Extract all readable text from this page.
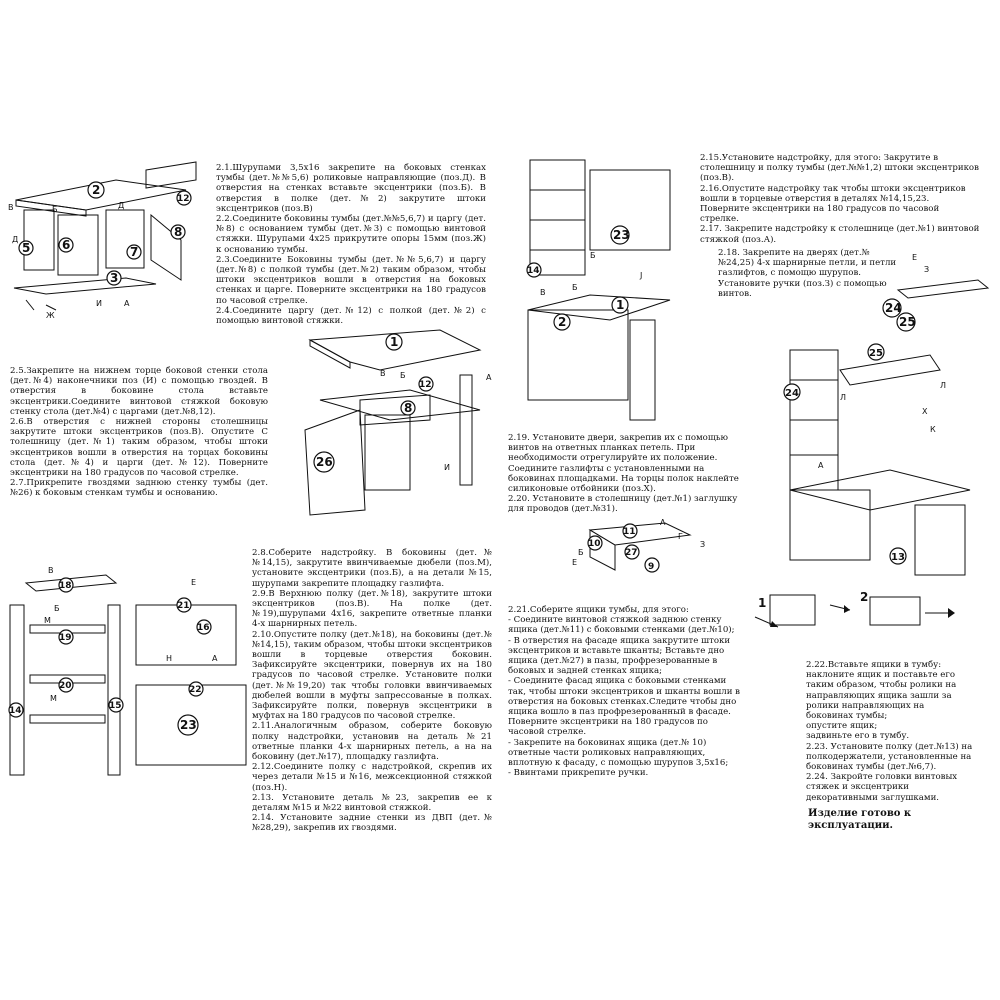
2.1.Шурупами 3,5х16 закрепите на боковых стенках тумбы (дет.№№5,6) роликовые направляющие (поз.Д). В отверстия на стенках вставьте эксцентрики (поз.Б). В отверстия в полке (дет.№2) закрутите штоки эксцентриков (поз.В)
2.2.Соедините боковины тумбы (дет.№№5,6,7) и царгу (дет.№8) с основанием тумбы (дет.№3) с помощью винтовой стяжки. Шурупами 4х25 прикрутите опоры 15мм (поз.Ж) к основанию тумбы.
2.3.Соедините Боковины тумбы (дет.№№5,6,7) и царгу (дет.№8) с полкой тумбы (дет.№2) таким образом, чтобы штоки эксцентриков вошли в отверстия на боковых стенках и царге. Поверните эксцентрики на 180 градусов по часовой стрелке.
2.4.Соедините царгу (дет.№12) с полкой (дет.№2) с помощью винтовой стяжки.
2.5.Закрепите на нижнем торце боковой стенки стола (дет.№4) наконечники поз (И) с помощью гвоздей. В отверстия в боковине стола вставьте эксцентрики.Соедините винтовой стяжкой боковую стенку стола (дет.№4) с царгами (дет.№8,12).
2.6.В отверстия с нижней стороны столешницы закрутите штоки эксцентриков (поз.В). Опустите С толешницу (дет.№1) таким образом, чтобы штоки эксцентриков вошли в отверстия на торцах боковины стола (дет.№4) и царги (дет.№12). Поверните эксцентрики на 180 градусов по часовой стрелке.
2.7.Прикрепите гвоздями заднюю стенку тумбы (дет.№26) к боковым стенкам тумбы и основанию.
2.8.Соберите надстройку. В боковины (дет.№№14,15), закрутите ввинчиваемые дюбели (поз.М), установите эксцентрики (поз.Б), а на детали №15, шурупами закрепите площадку газлифта.
2.9.В Верхнюю полку (дет.№18), закрутите штоки эксцентриков (поз.В). На полке (дет.№19),шурупами 4х16, закрепите ответные планки 4-х шарнирных петель.
2.10.Опустите полку (дет.№18), на боковины (дет.№№14,15), таким образом, чтобы штоки эксцентриков вошли в торцевые отверстия боковин. Зафиксируйте эксцентрики, повернув их на 180 градусов по часовой стрелке. Установите полки (дет.№№19,20) так чтобы головки ввинчиваемых дюбелей вошли в муфты запрессованые в полках. Зафиксируйте полки, повернув эксцентрики в муфтах на 180 градусов по часовой стрелке.
2.11.Аналогичным образом, соберите боковую полку надстройки, установив на деталь №21 ответные планки 4-х шарнирных петель, а на на боковину (дет.№17), площадку газлифта.
2.12.Соедините полку с надстройкой, скрепив их через детали №15 и №16, межсекционной стяжкой (поз.Н).
2.13. Установите деталь №23, закрепив ее к деталям №15 и №22 винтовой стяжкой.
2.14. Установите задние стенки из ДВП (дет.№№28,29), закрепив их гвоздями.
2.15.Установите надстройку, для этого: Закрутите в столешницу и полку тумбы (дет.№№1,2) штоки эксцентриков (поз.В).
2.16.Опустите надстройку так чтобы штоки эксцентриков вошли в торцевые отверстия в деталях №14,15,23. Поверните эксцентрики на 180 градусов по часовой стрелке.
2.17. Закрепите надстройку к столешнице (дет.№1) винтовой стяжкой (поз.А).
2.18. Закрепите на дверях (дет.№№24,25) 4-х шарнирные петли, и петли газлифтов, с помощю шурупов. Установите ручки (поз.З) с помощью винтов.
2.19. Установите двери, закрепив их с помощью винтов на ответных планках петель. При необходимости отрегулируйте их положение. Соедините газлифты с установленными на боковинах площадками. На торцы полок наклейте силиконовые отбойники (поз.Х).
2.20. Установите в столешницу (дет.№1) заглушку для проводов (дет.№31).
2.21.Соберите ящики тумбы, для этого:
- Соедините винтовой стяжкой заднюю стенку ящика (дет.№11) с боковыми стенками (дет.№10);
- В отверстия на фасаде ящика закрутите штоки эксцентриков и вставьте шканты; Вставьте дно ящика (дет.№27) в пазы, профрезерованные в боковых и задней стенках ящика;
- Соедините фасад ящика с боковыми стенками так, чтобы штоки эксцентриков и шканты вошли в отверстия на боковых стенках.Следите чтобы дно ящика вошло в паз профрезерованный в фасаде. Поверните эксцентрики на 180 градусов по часовой стрелке.
- Закрепите на боковинах ящика (дет.№ 10) ответные части роликовых направляющих, вплотную к фасаду, с помощью шурупов 3,5х16;
- Ввинтами прикрепите ручки.
2.22.Вставьте ящики в тумбу: наклоните ящик и поставьте его таким образом, чтобы ролики на направляющих ящика зашли за ролики направляющих на боковинах тумбы;
опустите ящик;
задвиньте его в тумбу.
2.23. Установите полку (дет.№13) на полкодержатели, установленные на боковинах тумбы (дет.№6,7).
2.24. Закройте головки винтовых стяжек и эксцентрики декоративными заглушками.
Изделие готово к эксплуатации.
2
5	6	7
8
3
12
В	Б	Д
Д
И	А
Ж
1
12
8
26
В Б	А
И
18
19
20
14	15
21
16
22
23
В
Б
М
М
Е
Н	А
23
2
1
14
Б
Б
В
J
24
25
Е
З
25
24
13
Л
Л
Х
К
А
11
10
27
9
А
Г
З
Б
Е
1	2
